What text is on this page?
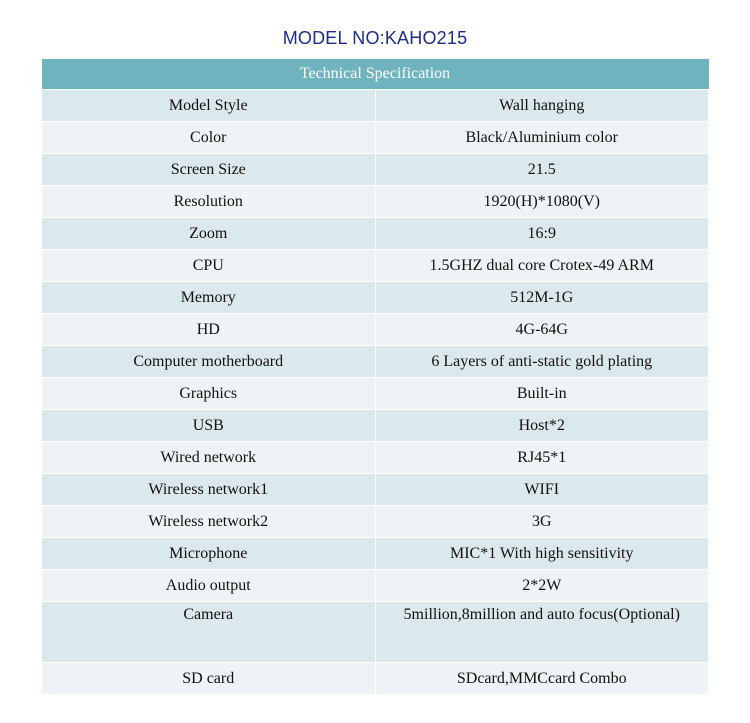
MODEL NO:KAHO215
Technical Specification	
Model Style	Wall hanging
Color	Black/Aluminium color
Screen Size	21.5
Resolution	1920(H)*1080(V)
Zoom	16:9
CPU	1.5GHZ dual core Crotex-49 ARM
Memory	512M-1G
HD	4G-64G
Computer motherboard	6 Layers of anti-static gold plating
Graphics	Built-in
USB	Host*2
Wired network	RJ45*1
Wireless network1	WIFI
Wireless network2	3G
Microphone	MIC*1 With high sensitivity
Audio output	2*2W
Camera	5million,8million and auto focus(Optional)
SD card	SDcard,MMCcard Combo
